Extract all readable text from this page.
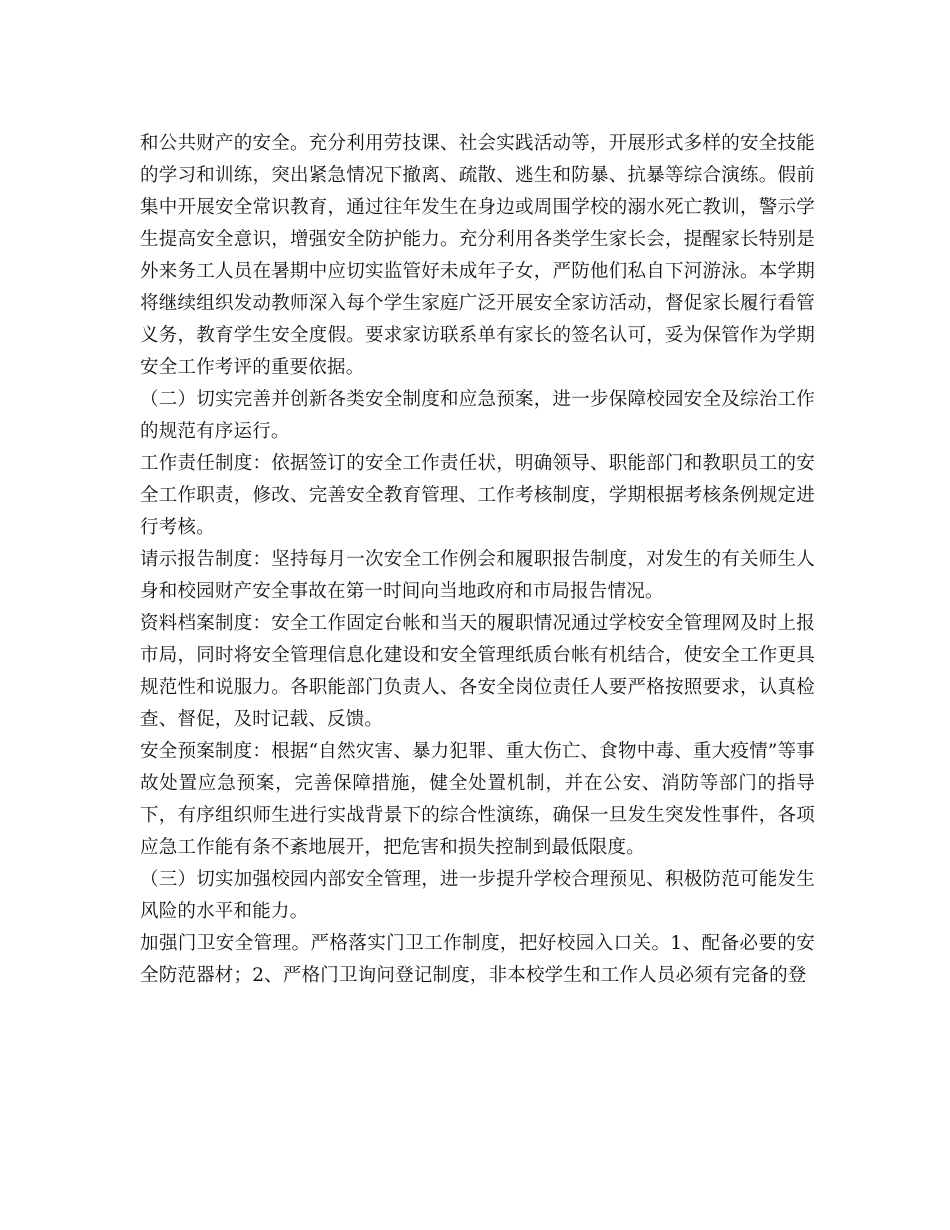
和公共财产的安全。充分利用劳技课、社会实践活动等，开展形式多样的安全技能的学习和训练，突出紧急情况下撤离、疏散、逃生和防暴、抗暴等综合演练。假前集中开展安全常识教育，通过往年发生在身边或周围学校的溺水死亡教训，警示学生提高安全意识，增强安全防护能力。充分利用各类学生家长会，提醒家长特别是外来务工人员在暑期中应切实监管好未成年子女，严防他们私自下河游泳。本学期将继续组织发动教师深入每个学生家庭广泛开展安全家访活动，督促家长履行看管义务，教育学生安全度假。要求家访联系单有家长的签名认可，妥为保管作为学期安全工作考评的重要依据。

（二）切实完善并创新各类安全制度和应急预案，进一步保障校园安全及综治工作的规范有序运行。

工作责任制度：依据签订的安全工作责任状，明确领导、职能部门和教职员工的安全工作职责，修改、完善安全教育管理、工作考核制度，学期根据考核条例规定进行考核。

请示报告制度：坚持每月一次安全工作例会和履职报告制度，对发生的有关师生人身和校园财产安全事故在第一时间向当地政府和市局报告情况。

资料档案制度：安全工作固定台帐和当天的履职情况通过学校安全管理网及时上报市局，同时将安全管理信息化建设和安全管理纸质台帐有机结合，使安全工作更具规范性和说服力。各职能部门负责人、各安全岗位责任人要严格按照要求，认真检查、督促，及时记载、反馈。

安全预案制度：根据“自然灾害、暴力犯罪、重大伤亡、食物中毒、重大疫情”等事故处置应急预案，完善保障措施，健全处置机制，并在公安、消防等部门的指导下，有序组织师生进行实战背景下的综合性演练，确保一旦发生突发性事件，各项应急工作能有条不紊地展开，把危害和损失控制到最低限度。

（三）切实加强校园内部安全管理，进一步提升学校合理预见、积极防范可能发生风险的水平和能力。

加强门卫安全管理。严格落实门卫工作制度，把好校园入口关。1、配备必要的安全防范器材；2、严格门卫询问登记制度，非本校学生和工作人员必须有完备的登
